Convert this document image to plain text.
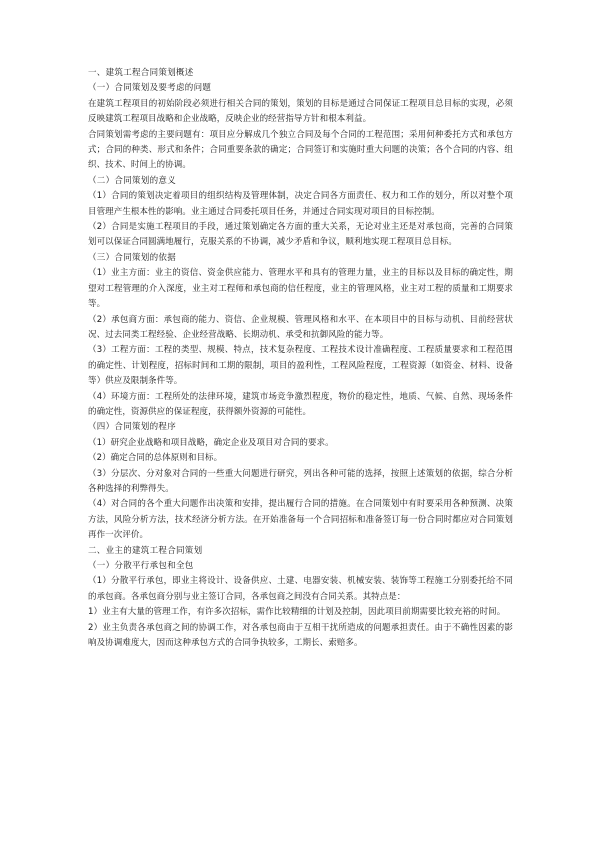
一、建筑工程合同策划概述

（一）合同策划及要考虑的问题

在建筑工程项目的初始阶段必须进行相关合同的策划，策划的目标是通过合同保证工程项目总目标的实现，必须反映建筑工程项目战略和企业战略，反映企业的经营指导方针和根本利益。

合同策划需考虑的主要问题有：项目应分解成几个独立合同及每个合同的工程范围；采用何种委托方式和承包方式；合同的种类、形式和条件；合同重要条款的确定；合同签订和实施时重大问题的决策；各个合同的内容、组织、技术、时间上的协调。

（二）合同策划的意义

（1）合同的策划决定着项目的组织结构及管理体制，决定合同各方面责任、权力和工作的划分，所以对整个项目管理产生根本性的影响。业主通过合同委托项目任务，并通过合同实现对项目的目标控制。

（2）合同是实施工程项目的手段，通过策划确定各方面的重大关系，无论对业主还是对承包商，完善的合同策划可以保证合同圆满地履行，克服关系的不协调，减少矛盾和争议，顺利地实现工程项目总目标。

（三）合同策划的依据

（1）业主方面：业主的资信、资金供应能力、管理水平和具有的管理力量，业主的目标以及目标的确定性，期望对工程管理的介入深度，业主对工程师和承包商的信任程度，业主的管理风格，业主对工程的质量和工期要求等。

（2）承包商方面：承包商的能力、资信、企业规模、管理风格和水平、在本项目中的目标与动机、目前经营状况、过去同类工程经验、企业经营战略、长期动机、承受和抗御风险的能力等。

（3）工程方面：工程的类型、规模、特点，技术复杂程度、工程技术设计准确程度、工程质量要求和工程范围的确定性、计划程度，招标时间和工期的限制，项目的盈利性，工程风险程度，工程资源（如资金、材料、设备等）供应及限制条件等。

（4）环境方面：工程所处的法律环境，建筑市场竞争激烈程度，物价的稳定性，地质、气候、自然、现场条件的确定性，资源供应的保证程度，获得额外资源的可能性。

（四）合同策划的程序

（1）研究企业战略和项目战略，确定企业及项目对合同的要求。

（2）确定合同的总体原则和目标。

（3）分层次、分对象对合同的一些重大问题进行研究，列出各种可能的选择，按照上述策划的依据，综合分析各种选择的利弊得失。

（4）对合同的各个重大问题作出决策和安排，提出履行合同的措施。在合同策划中有时要采用各种预测、决策方法，风险分析方法，技术经济分析方法。在开始准备每一个合同招标和准备签订每一份合同时都应对合同策划再作一次评价。

二、业主的建筑工程合同策划

（一）分散平行承包和全包

（1）分散平行承包，即业主将设计、设备供应、土建、电器安装、机械安装、装饰等工程施工分别委托给不同的承包商。各承包商分别与业主签订合同，各承包商之间没有合同关系。其特点是：

1）业主有大量的管理工作，有许多次招标，需作比较精细的计划及控制，因此项目前期需要比较充裕的时间。

2）业主负责各承包商之间的协调工作，对各承包商由于互相干扰所造成的问题承担责任。由于不确性因素的影响及协调难度大，因而这种承包方式的合同争执较多，工期长、索赔多。
